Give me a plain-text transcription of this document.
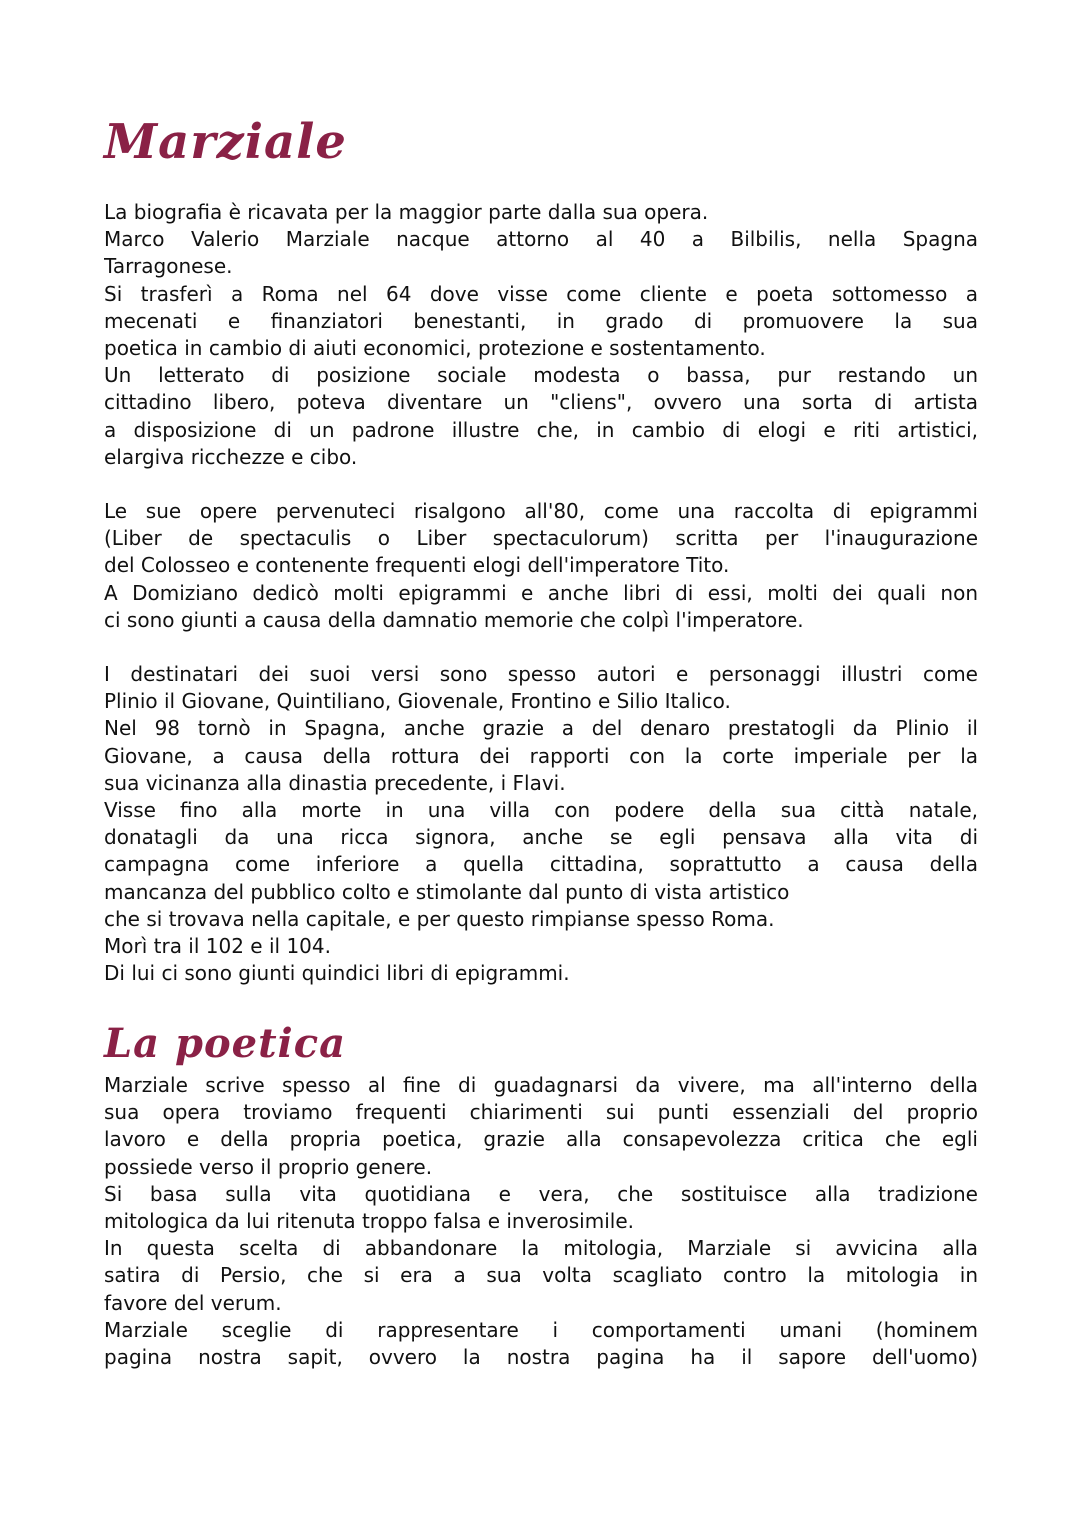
Marziale
La biografia è ricavata per la maggior parte dalla sua opera.
Marco Valerio Marziale nacque attorno al 40 a Bilbilis, nella Spagna
Tarragonese.
Si trasferì a Roma nel 64 dove visse come cliente e poeta sottomesso a
mecenati e finanziatori benestanti, in grado di promuovere la sua
poetica in cambio di aiuti economici, protezione e sostentamento.
Un letterato di posizione sociale modesta o bassa, pur restando un
cittadino libero, poteva diventare un "cliens", ovvero una sorta di artista
a disposizione di un padrone illustre che, in cambio di elogi e riti artistici,
elargiva ricchezze e cibo.
Le sue opere pervenuteci risalgono all'80, come una raccolta di epigrammi
(Liber de spectaculis o Liber spectaculorum) scritta per l'inaugurazione
del Colosseo e contenente frequenti elogi dell'imperatore Tito.
A Domiziano dedicò molti epigrammi e anche libri di essi, molti dei quali non
ci sono giunti a causa della damnatio memorie che colpì l'imperatore.
I destinatari dei suoi versi sono spesso autori e personaggi illustri come
Plinio il Giovane, Quintiliano, Giovenale, Frontino e Silio Italico.
Nel 98 tornò in Spagna, anche grazie a del denaro prestatogli da Plinio il
Giovane, a causa della rottura dei rapporti con la corte imperiale per la
sua vicinanza alla dinastia precedente, i Flavi.
Visse fino alla morte in una villa con podere della sua città natale,
donatagli da una ricca signora, anche se egli pensava alla vita di
campagna come inferiore a quella cittadina, soprattutto a causa della
mancanza del pubblico colto e stimolante dal punto di vista artistico
che si trovava nella capitale, e per questo rimpianse spesso Roma.
Morì tra il 102 e il 104.
Di lui ci sono giunti quindici libri di epigrammi.
La poetica
Marziale scrive spesso al fine di guadagnarsi da vivere, ma all'interno della
sua opera troviamo frequenti chiarimenti sui punti essenziali del proprio
lavoro e della propria poetica, grazie alla consapevolezza critica che egli
possiede verso il proprio genere.
Si basa sulla vita quotidiana e vera, che sostituisce alla tradizione
mitologica da lui ritenuta troppo falsa e inverosimile.
In questa scelta di abbandonare la mitologia, Marziale si avvicina alla
satira di Persio, che si era a sua volta scagliato contro la mitologia in
favore del verum.
Marziale sceglie di rappresentare i comportamenti umani (hominem
pagina nostra sapit, ovvero la nostra pagina ha il sapore dell'uomo)
